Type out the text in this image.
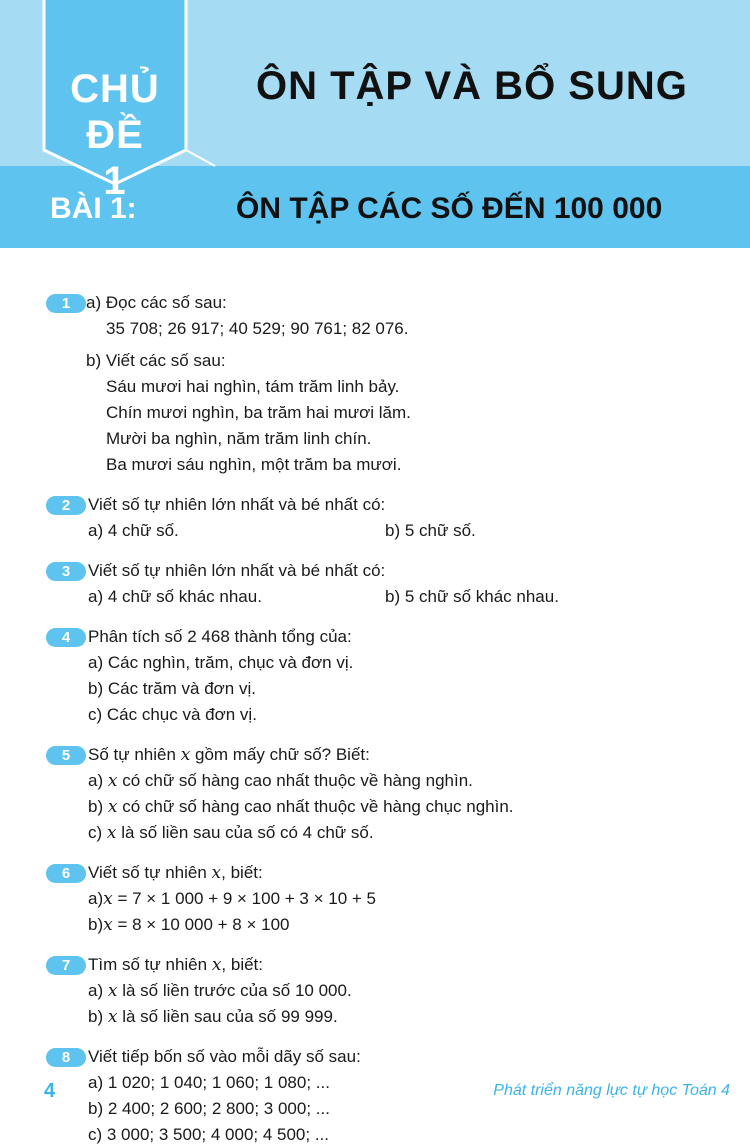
CHỦ ĐỀ
1
ÔN TẬP VÀ BỔ SUNG
BÀI 1:	ÔN TẬP CÁC SỐ ĐẾN 100 000
1 a) Đọc các số sau:
35 708; 26 917; 40 529; 90 761; 82 076.
b) Viết các số sau:
Sáu mươi hai nghìn, tám trăm linh bảy.
Chín mươi nghìn, ba trăm hai mươi lăm.
Mười ba nghìn, năm trăm linh chín.
Ba mươi sáu nghìn, một trăm ba mươi.
2	Viết số tự nhiên lớn nhất và bé nhất có:
a) 4 chữ số.	b) 5 chữ số.
3	Viết số tự nhiên lớn nhất và bé nhất có:
a) 4 chữ số khác nhau.	b) 5 chữ số khác nhau.
4	Phân tích số 2 468 thành tổng của:
a) Các nghìn, trăm, chục và đơn vị.
b) Các trăm và đơn vị.
c) Các chục và đơn vị.
5	Số tự nhiên x gồm mấy chữ số? Biết:
a) x có chữ số hàng cao nhất thuộc về hàng nghìn.
b) x có chữ số hàng cao nhất thuộc về hàng chục nghìn.
c) x là số liền sau của số có 4 chữ số.
6	Viết số tự nhiên x, biết:
a)x = 7 × 1 000 + 9 × 100 + 3 × 10 + 5
b)x = 8 × 10 000 + 8 × 100
7	Tìm số tự nhiên x, biết:
a) x là số liền trước của số 10 000.
b) x là số liền sau của số 99 999.
8	Viết tiếp bốn số vào mỗi dãy số sau:
a) 1 020; 1 040; 1 060; 1 080; ...
b) 2 400; 2 600; 2 800; 3 000; ...
c) 3 000; 3 500; 4 000; 4 500; ...
4	Phát triển năng lực tự học Toán 4
